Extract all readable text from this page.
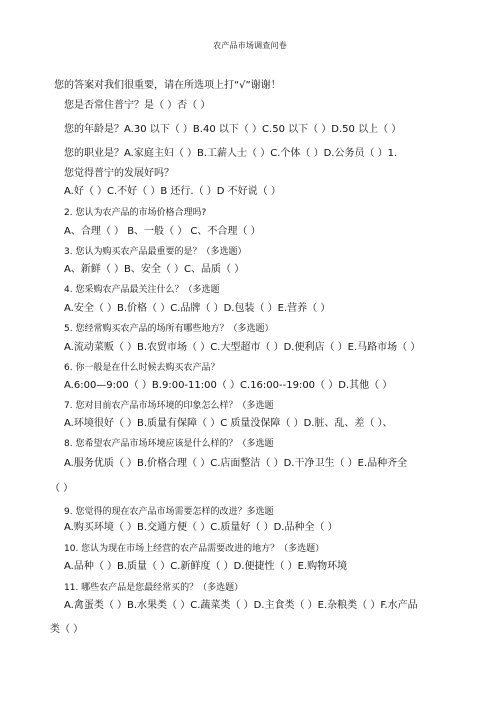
农产品市场调查问卷
您的答案对我们很重要，请在所选项上打“√”谢谢！
您是否常住普宁？是（ ）否（ ）
您的年龄是？A.30 以下（ ）B.40 以下（ ）C.50 以下（ ）D.50 以上（ ）
您的职业是？A.家庭主妇（ ）B.工薪人士（ ）C.个体（ ）D.公务员（ ）1.
您觉得普宁的发展好吗？
A.好（ ）C.不好（ ）B 还行.（ ）D 不好说（ ）
2. 您认为农产品的市场价格合理吗?
A、合理（ ） B、一般（ ） C、不合理（ ）
3. 您认为购买农产品最重要的是？（多选题）
A、新鲜（ ）B、安全（ ）C、品质（ ）
4. 您采购农产品最关注什么？（多选题
A.安全（ ）B.价格（ ）C.品牌（ ）D.包装（ ）E.营养（ ）
5. 您经常购买农产品的场所有哪些地方？（多选题）
A.流动菜贩（ ）B.农贸市场（ ）C.大型超市（ ）D.便利店（ ）E.马路市场（ ）
6. 你一般是在什么时候去购买农产品？
A.6:00—9:00（ ）B.9:00-11:00（ ）C.16:00--19:00（ ）D.其他（ ）
7. 您对目前农产品市场环境的印象怎么样？（多选题
A.环境很好（ ）B.质量有保障（ ）C 质量没保障（ ）D.脏、乱、差（ ）、
8. 您希望农产品市场环境应该是什么样的？（多选题
A.服务优质（ ）B.价格合理（ ）C.店面整洁（ ）D.干净卫生（ ）E.品种齐全
（ ）
9. 您觉得的现在农产品市场需要怎样的改进？多选题
A.购买环境（ ）B.交通方便（ ）C.质量好（ ）D.品种全（ ）
10. 您认为现在市场上经营的农产品需要改进的地方？（多选题）
A.品种（ ）B.质量（ ）C.新鲜度（ ）D.便捷性（ ）E.购物环境
11. 哪些农产品是您最经常买的？（多选题）
A.禽蛋类（ ）B.水果类（ ）C.蔬菜类（ ）D.主食类（ ）E.杂粮类（ ）F.水产品
类（ ）
